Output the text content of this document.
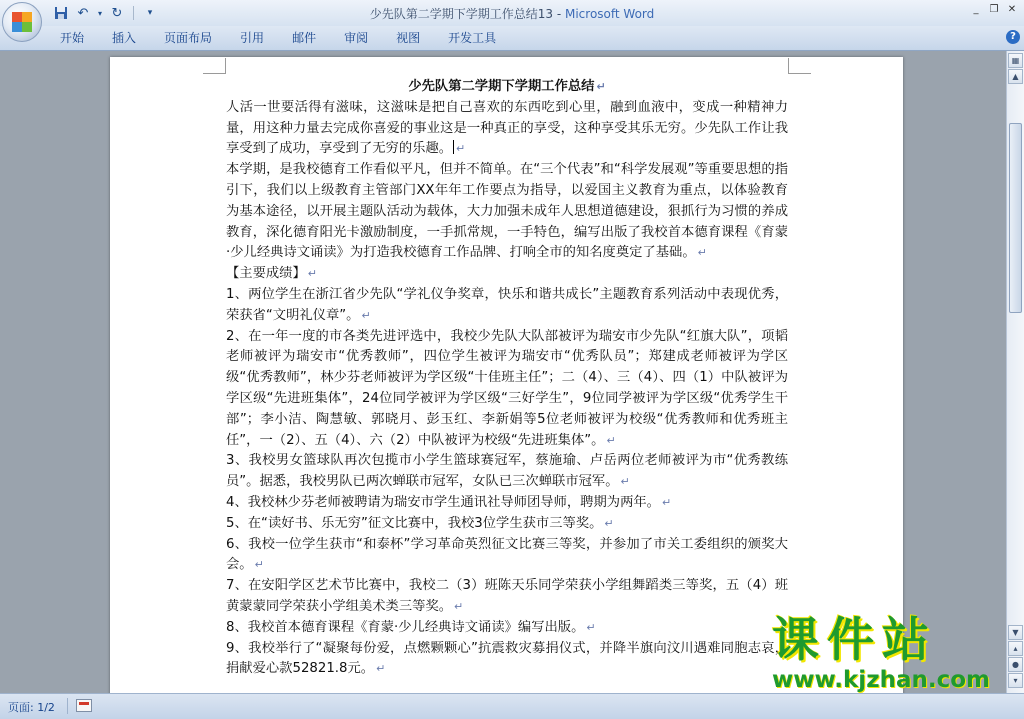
↶	▾ ↻	▾	少先队第二学期下学期工作总结13 - Microsoft Word	_	❐ ✕
开始 插入 页面布局 引用 邮件 审阅 视图 开发工具	?
少先队第二学期下学期工作总结 ↵

人活一世要活得有滋味，这滋味是把自己喜欢的东西吃到心里，融到血液中，变成一种精神力量，用这种力量去完成你喜爱的事业这是一种真正的享受，这种享受其乐无穷。少先队工作让我享受到了成功，享受到了无穷的乐趣。 ↵

本学期，是我校德育工作看似平凡，但并不简单。在“三个代表”和“科学发展观”等重要思想的指引下，我们以上级教育主管部门XX年年工作要点为指导，以爱国主义教育为重点，以体验教育为基本途径，以开展主题队活动为载体，大力加强未成年人思想道德建设，狠抓行为习惯的养成教育，深化德育阳光卡激励制度，一手抓常规，一手特色，编写出版了我校首本德育课程《育蒙·少儿经典诗文诵读》为打造我校德育工作品牌、打响全市的知名度奠定了基础。 ↵

【主要成绩】 ↵

1、两位学生在浙江省少先队“学礼仪争奖章，快乐和谐共成长”主题教育系列活动中表现优秀，荣获省“文明礼仪章”。 ↵

2、在一年一度的市各类先进评选中，我校少先队大队部被评为瑞安市少先队“红旗大队”，项韬老师被评为瑞安市“优秀教师”，四位学生被评为瑞安市“优秀队员”；郑建成老师被评为学区级“优秀教师”，林少芬老师被评为学区级“十佳班主任”；二（4）、三（4）、四（1）中队被评为学区级“先进班集体”，24位同学被评为学区级“三好学生”，9位同学被评为学区级“优秀学生干部”；李小洁、陶慧敏、郭晓月、彭玉红、李新娟等5位老师被评为校级“优秀教师和优秀班主任”，一（2）、五（4）、六（2）中队被评为校级“先进班集体”。 ↵

3、我校男女篮球队再次包揽市小学生篮球赛冠军，蔡施瑜、卢岳两位老师被评为市“优秀教练员”。据悉，我校男队已两次蝉联市冠军，女队已三次蝉联市冠军。 ↵

4、我校林少芬老师被聘请为瑞安市学生通讯社导师团导师，聘期为两年。 ↵

5、在“读好书、乐无穷”征文比赛中，我校3位学生获市三等奖。 ↵

6、我校一位学生获市“和泰杯”学习革命英烈征文比赛三等奖，并参加了市关工委组织的颁奖大会。 ↵

7、在安阳学区艺术节比赛中，我校二（3）班陈天乐同学荣获小学组舞蹈类三等奖，五（4）班黄蒙蒙同学荣获小学组美术类三等奖。 ↵

8、我校首本德育课程《育蒙·少儿经典诗文诵读》编写出版。 ↵

9、我校举行了“凝聚每份爱，点燃颗颗心”抗震救灾募捐仪式，并降半旗向汶川遇难同胞志哀，捐献爱心款52821.8元。 ↵

▦
▲
▼
▴
●
▾
页面: 1/2
课件站
www.kjzhan.com
